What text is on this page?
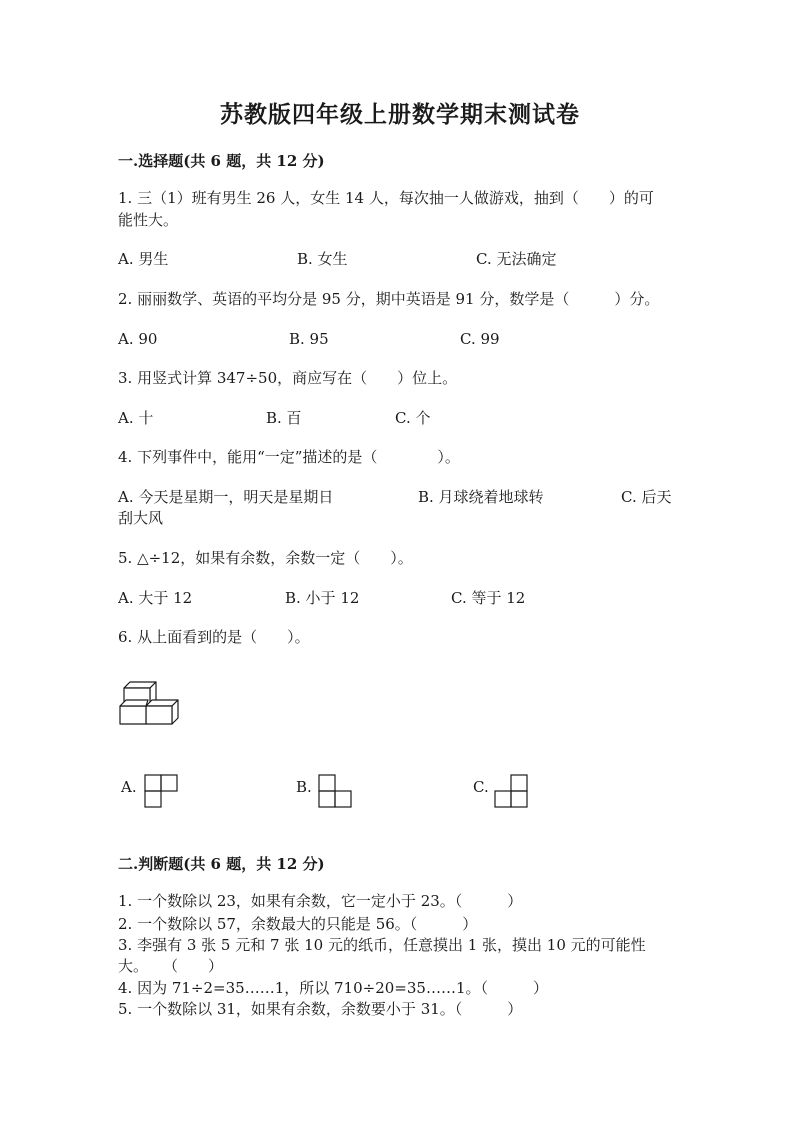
苏教版四年级上册数学期末测试卷
一.选择题(共 6 题，共 12 分)
1. 三（1）班有男生 26 人，女生 14 人，每次抽一人做游戏，抽到（　　）的可
能性大。
A. 男生	B. 女生	C. 无法确定
2. 丽丽数学、英语的平均分是 95 分，期中英语是 91 分，数学是（　　　）分。
A. 90	B. 95	C. 99
3. 用竖式计算 347÷50，商应写在（　　）位上。
A. 十	B. 百	C. 个
4. 下列事件中，能用“一定”描述的是（　　　　）。
A. 今天是星期一，明天是星期日	B. 月球绕着地球转	C. 后天
刮大风
5. △÷12，如果有余数，余数一定（　　）。
A. 大于 12	B. 小于 12	C. 等于 12
6. 从上面看到的是（　　）。
A.	B.	C.
二.判断题(共 6 题，共 12 分)
1. 一个数除以 23，如果有余数，它一定小于 23。（　　　）
2. 一个数除以 57，余数最大的只能是 56。（　　　）
3. 李强有 3 张 5 元和 7 张 10 元的纸币，任意摸出 1 张，摸出 10 元的可能性
大。　　（　　）
4. 因为 71÷2=35……1，所以 710÷20=35……1。（　　　）
5. 一个数除以 31，如果有余数，余数要小于 31。（　　　）
